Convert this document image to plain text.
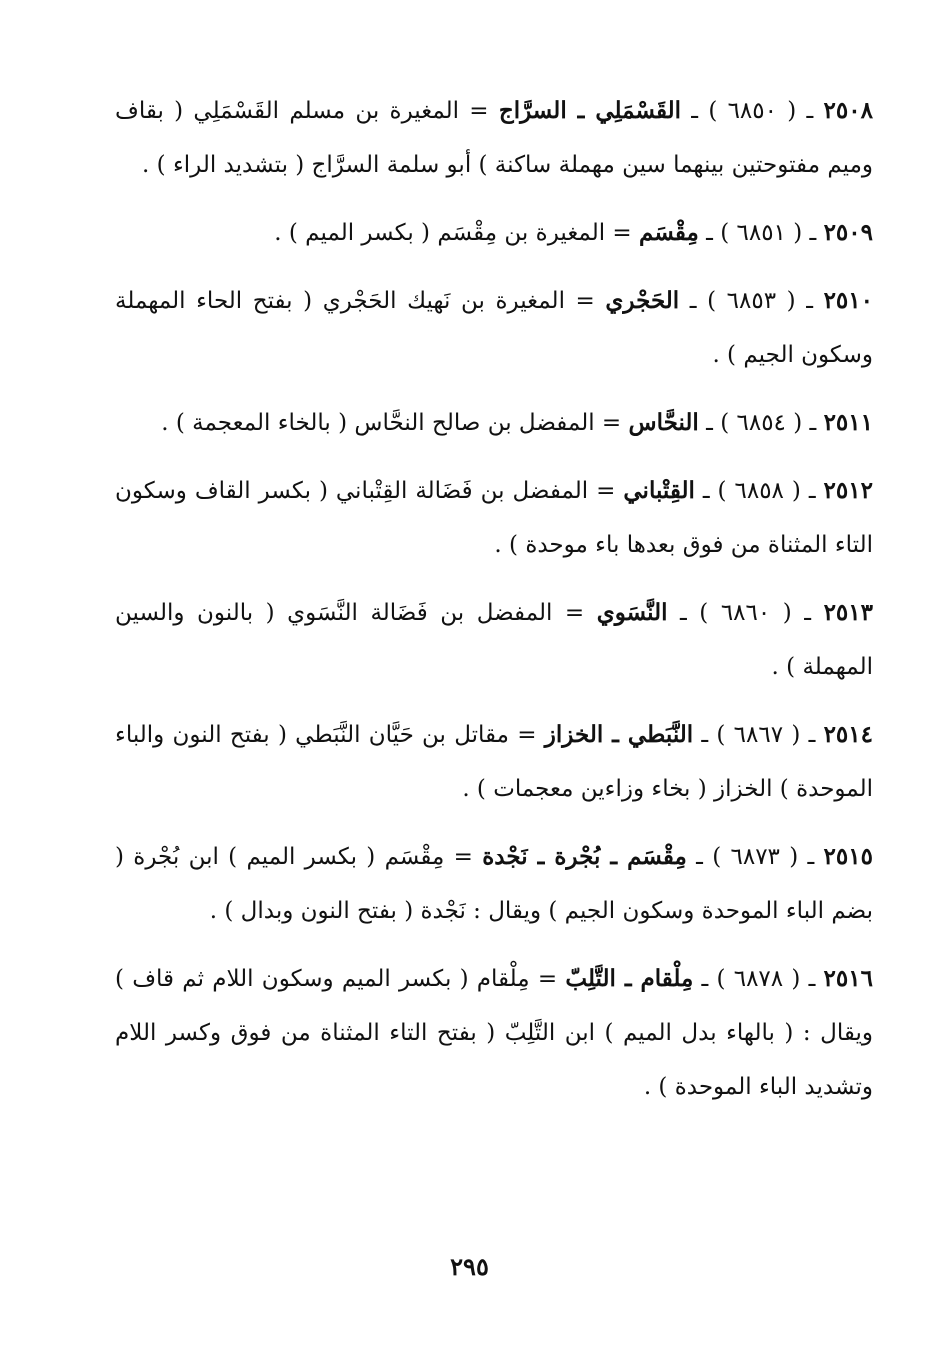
٢٥٠٨ ـ ( ٦٨٥٠ ) ـ القَسْمَلِي ـ السرَّاج = المغيرة بن مسلم القَسْمَلِي ( بقاف وميم مفتوحتين بينهما سين مهملة ساكنة ) أبو سلمة السرَّاج ( بتشديد الراء ) .

٢٥٠٩ ـ ( ٦٨٥١ ) ـ مِقْسَم = المغيرة بن مِقْسَم ( بكسر الميم ) .

٢٥١٠ ـ ( ٦٨٥٣ ) ـ الحَجْري = المغيرة بن نَهيك الحَجْري ( بفتح الحاء المهملة وسكون الجيم ) .

٢٥١١ ـ ( ٦٨٥٤ ) ـ النحَّاس = المفضل بن صالح النحَّاس ( بالخاء المعجمة ) .

٢٥١٢ ـ ( ٦٨٥٨ ) ـ القِتْباني = المفضل بن فَضَالة القِتْباني ( بكسر القاف وسكون التاء المثناة من فوق بعدها باء موحدة ) .

٢٥١٣ ـ ( ٦٨٦٠ ) ـ النَّسَوي = المفضل بن فَضَالة النَّسَوي ( بالنون والسين المهملة ) .

٢٥١٤ ـ ( ٦٨٦٧ ) ـ النَّبَطي ـ الخزاز = مقاتل بن حَيَّان النَّبَطي ( بفتح النون والباء الموحدة ) الخزاز ( بخاء وزاءين معجمات ) .

٢٥١٥ ـ ( ٦٨٧٣ ) ـ مِقْسَم ـ بُجْرة ـ نَجْدة = مِقْسَم ( بكسر الميم ) ابن بُجْرة ( بضم الباء الموحدة وسكون الجيم ) ويقال : نَجْدة ( بفتح النون وبدال ) .

٢٥١٦ ـ ( ٦٨٧٨ ) ـ مِلْقام ـ التَّلِبّ = مِلْقام ( بكسر الميم وسكون اللام ثم قاف ) ويقال : ( بالهاء بدل الميم ) ابن التَّلِبّ ( بفتح التاء المثناة من فوق وكسر اللام وتشديد الباء الموحدة ) .

٢٩٥
